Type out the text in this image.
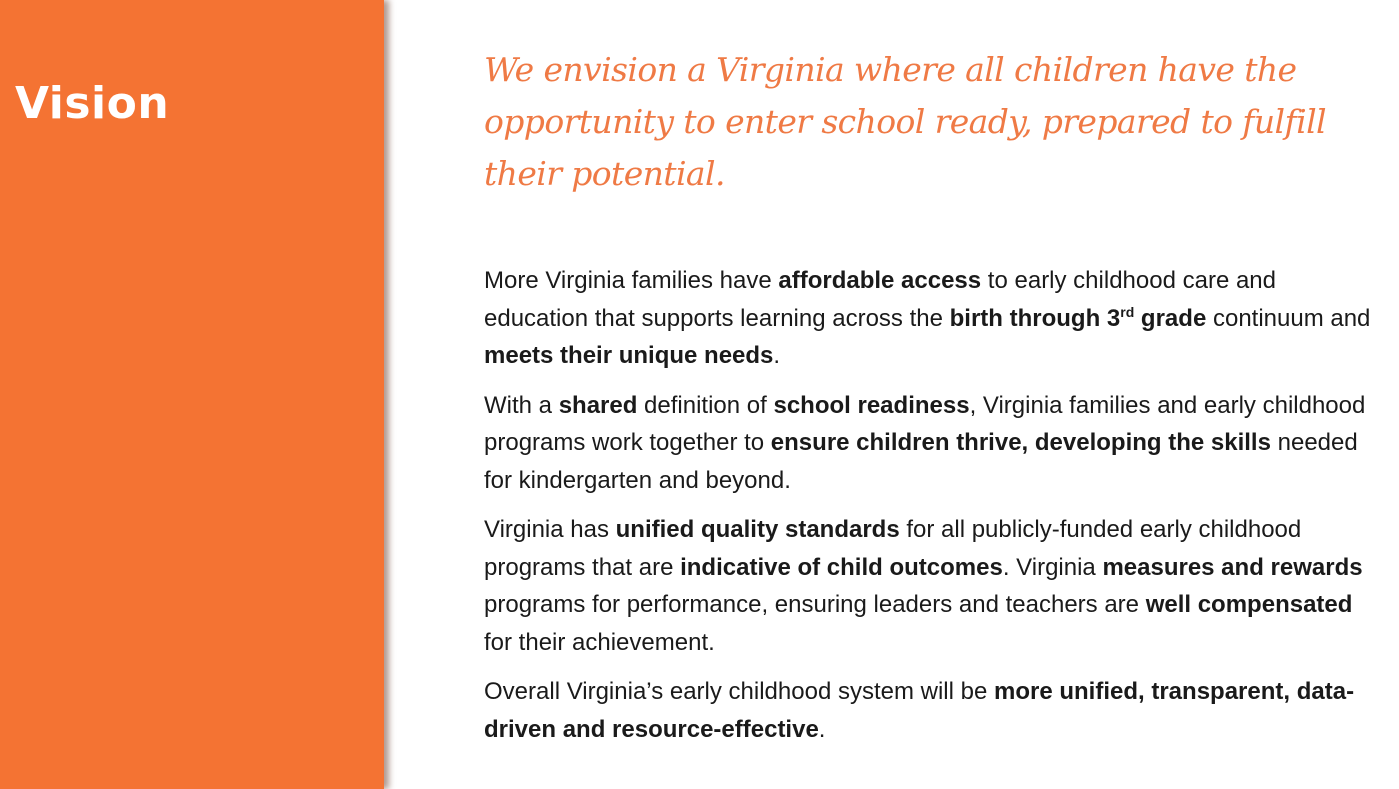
Vision

We envision a Virginia where all children have the opportunity to enter school ready, prepared to fulfill their potential.

More Virginia families have affordable access to early childhood care and education that supports learning across the birth through 3rd grade continuum and meets their unique needs.

With a shared definition of school readiness, Virginia families and early childhood programs work together to ensure children thrive, developing the skills needed for kindergarten and beyond.

Virginia has unified quality standards for all publicly-funded early childhood programs that are indicative of child outcomes. Virginia measures and rewards programs for performance, ensuring leaders and teachers are well compensated for their achievement.

Overall Virginia’s early childhood system will be more unified, transparent, data-driven and resource-effective.
